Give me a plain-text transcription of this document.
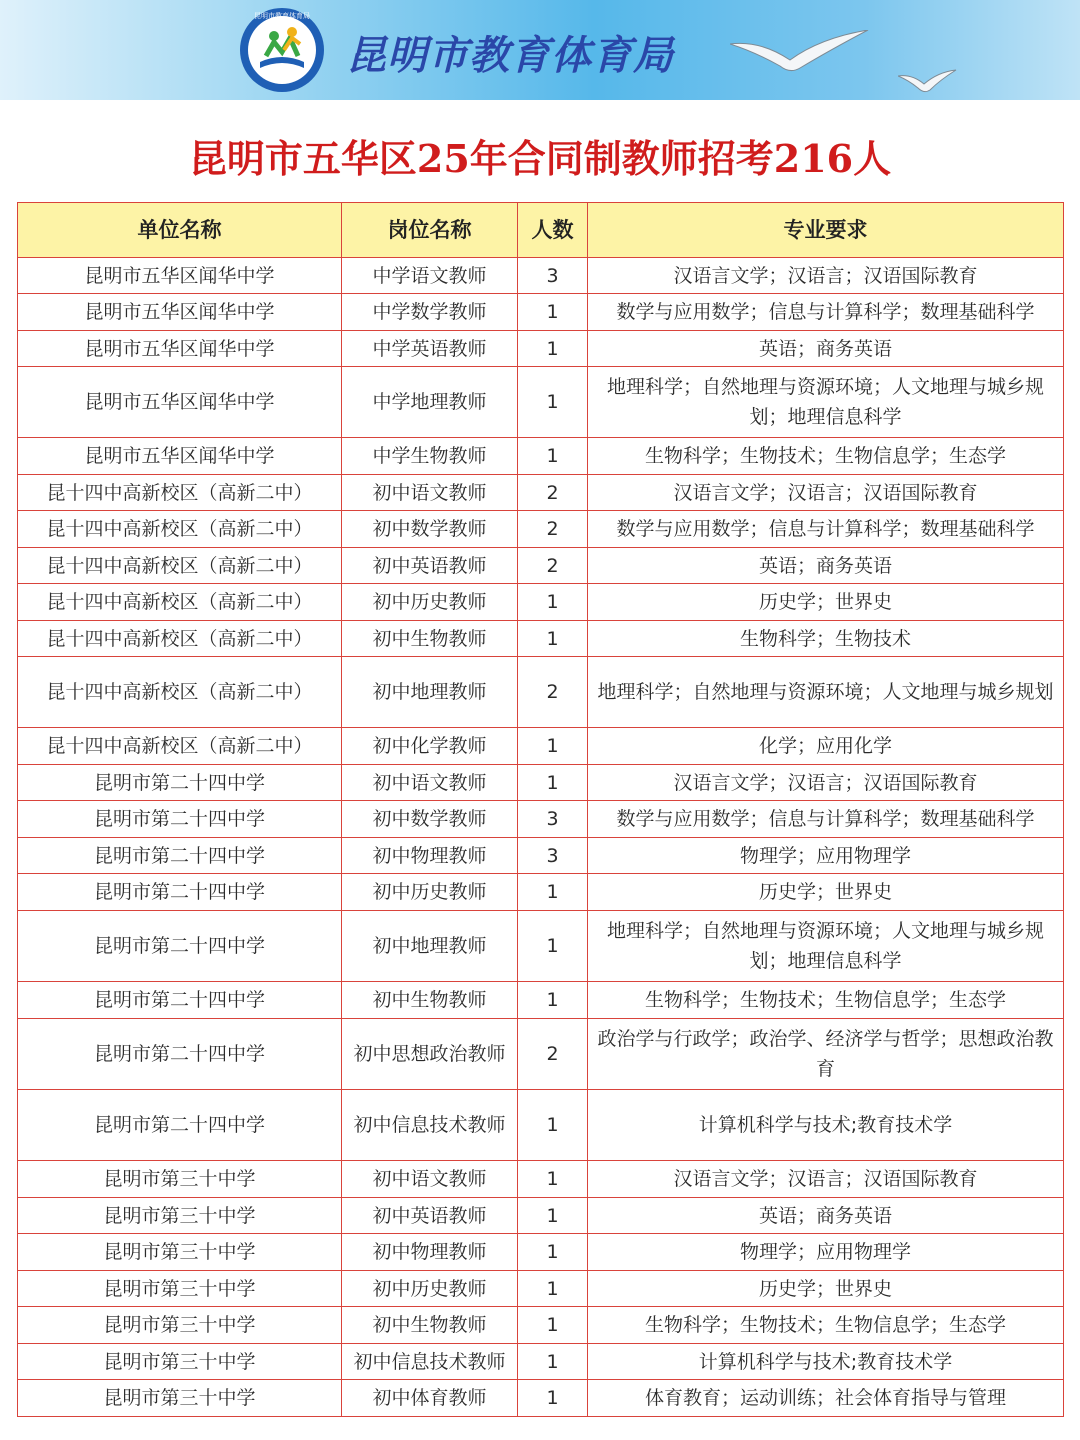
昆明市教育体育局
昆明市教育体育局
昆明市五华区25年合同制教师招考216人
单位名称	岗位名称	人数	专业要求
昆明市五华区闻华中学	中学语文教师	3	汉语言文学；汉语言；汉语国际教育
昆明市五华区闻华中学	中学数学教师	1	数学与应用数学；信息与计算科学；数理基础科学
昆明市五华区闻华中学	中学英语教师	1	英语；商务英语
昆明市五华区闻华中学	中学地理教师	1	地理科学；自然地理与资源环境；人文地理与城乡规划；地理信息科学
昆明市五华区闻华中学	中学生物教师	1	生物科学；生物技术；生物信息学；生态学
昆十四中高新校区（高新二中）	初中语文教师	2	汉语言文学；汉语言；汉语国际教育
昆十四中高新校区（高新二中）	初中数学教师	2	数学与应用数学；信息与计算科学；数理基础科学
昆十四中高新校区（高新二中）	初中英语教师	2	英语；商务英语
昆十四中高新校区（高新二中）	初中历史教师	1	历史学；世界史
昆十四中高新校区（高新二中）	初中生物教师	1	生物科学；生物技术
昆十四中高新校区（高新二中）	初中地理教师	2	地理科学；自然地理与资源环境；人文地理与城乡规划
昆十四中高新校区（高新二中）	初中化学教师	1	化学；应用化学
昆明市第二十四中学	初中语文教师	1	汉语言文学；汉语言；汉语国际教育
昆明市第二十四中学	初中数学教师	3	数学与应用数学；信息与计算科学；数理基础科学
昆明市第二十四中学	初中物理教师	3	物理学；应用物理学
昆明市第二十四中学	初中历史教师	1	历史学；世界史
昆明市第二十四中学	初中地理教师	1	地理科学；自然地理与资源环境；人文地理与城乡规划；地理信息科学
昆明市第二十四中学	初中生物教师	1	生物科学；生物技术；生物信息学；生态学
昆明市第二十四中学	初中思想政治教师	2	政治学与行政学；政治学、经济学与哲学；思想政治教育
昆明市第二十四中学	初中信息技术教师	1	计算机科学与技术;教育技术学
昆明市第三十中学	初中语文教师	1	汉语言文学；汉语言；汉语国际教育
昆明市第三十中学	初中英语教师	1	英语；商务英语
昆明市第三十中学	初中物理教师	1	物理学；应用物理学
昆明市第三十中学	初中历史教师	1	历史学；世界史
昆明市第三十中学	初中生物教师	1	生物科学；生物技术；生物信息学；生态学
昆明市第三十中学	初中信息技术教师	1	计算机科学与技术;教育技术学
昆明市第三十中学	初中体育教师	1	体育教育；运动训练；社会体育指导与管理
